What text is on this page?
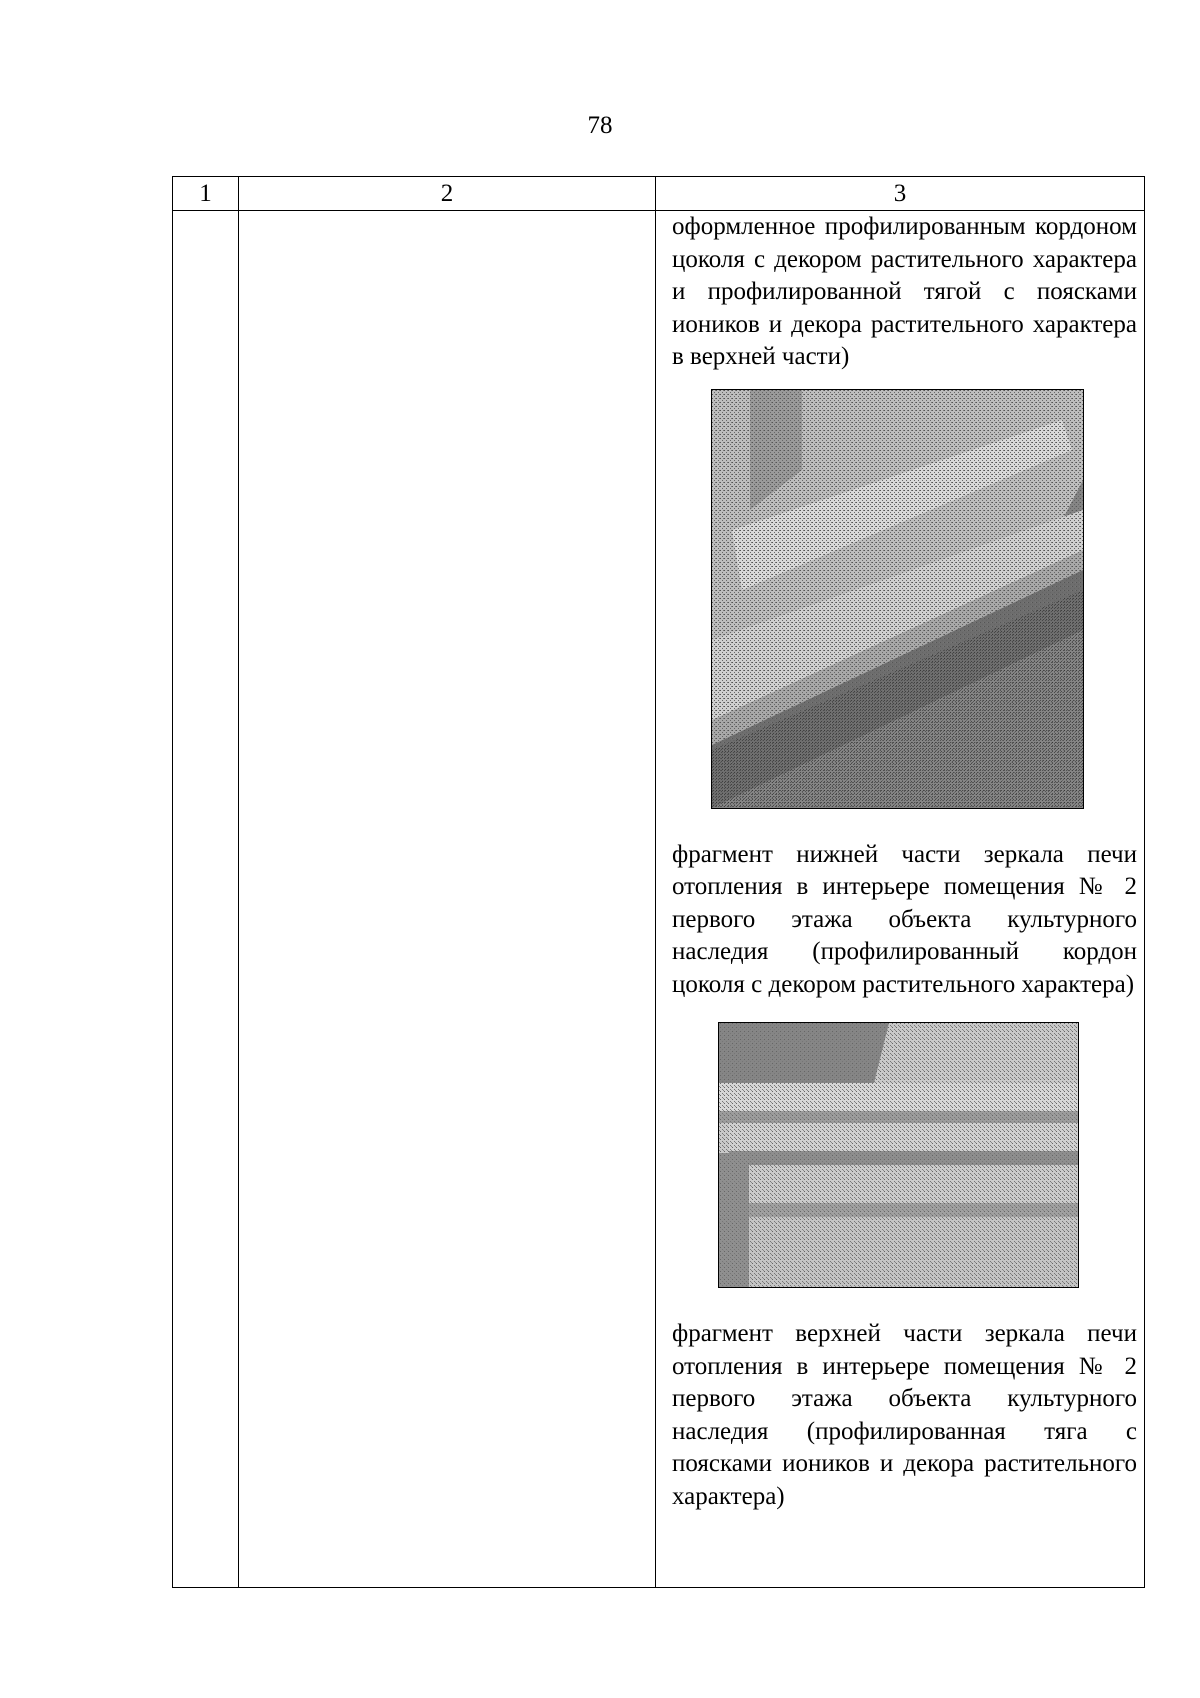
78
1	2	3
оформленное профилированным кордоном цоколя с декором растительного характера и профилированной тягой с поясками иоников и декора растительного характера в верхней части)
фрагмент нижней части зеркала печи отопления в интерьере помещения № 2 первого этажа объекта культурного наследия (профилированный кордон цоколя с декором растительного характера)
фрагмент верхней части зеркала печи отопления в интерьере помещения № 2 первого этажа объекта культурного наследия (профилированная тяга с поясками иоников и декора растительного характера)
